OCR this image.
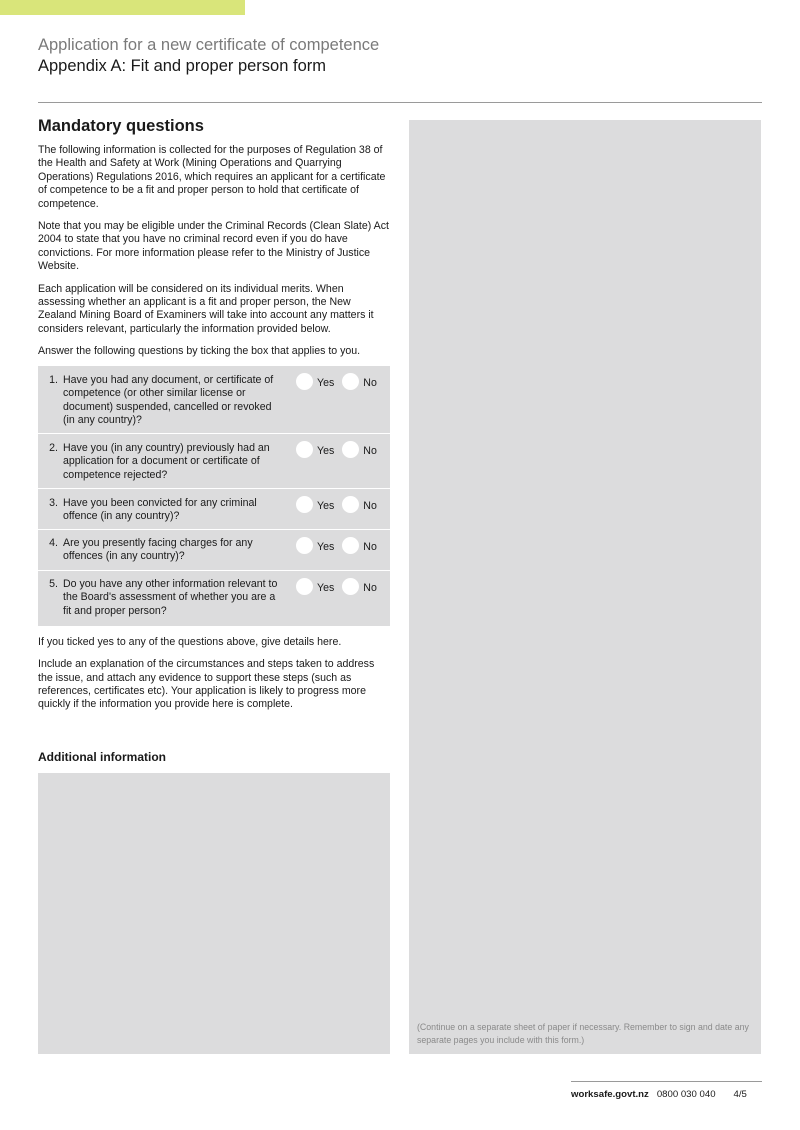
Application for a new certificate of competence
Appendix A: Fit and proper person form
Mandatory questions

The following information is collected for the purposes of Regulation 38 of the Health and Safety at Work (Mining Operations and Quarrying Operations) Regulations 2016, which requires an applicant for a certificate of competence to be a fit and proper person to hold that certificate of competence.

Note that you may be eligible under the Criminal Records (Clean Slate) Act 2004 to state that you have no criminal record even if you do have convictions. For more information please refer to the Ministry of Justice Website.

Each application will be considered on its individual merits. When assessing whether an applicant is a fit and proper person, the New Zealand Mining Board of Examiners will take into account any matters it considers relevant, particularly the information provided below.

Answer the following questions by ticking the box that applies to you.

1. Have you had any document, or certificate of competence (or other similar license or document) suspended, cancelled or revoked (in any country)?
Yes	No
2. Have you (in any country) previously had an application for a document or certificate of competence rejected?
Yes	No
3. Have you been convicted for any criminal offence (in any country)?
Yes	No
4. Are you presently facing charges for any offences (in any country)?
Yes	No
5. Do you have any other information relevant to the Board's assessment of whether you are a fit and proper person?
Yes	No

If you ticked yes to any of the questions above, give details here.

Include an explanation of the circumstances and steps taken to address the issue, and attach any evidence to support these steps (such as references, certificates etc). Your application is likely to progress more quickly if the information you provide here is complete.

Additional information
(Continue on a separate sheet of paper if necessary. Remember to sign and date any separate pages you include with this form.)
worksafe.govt.nz 0800 030 040 4/5
